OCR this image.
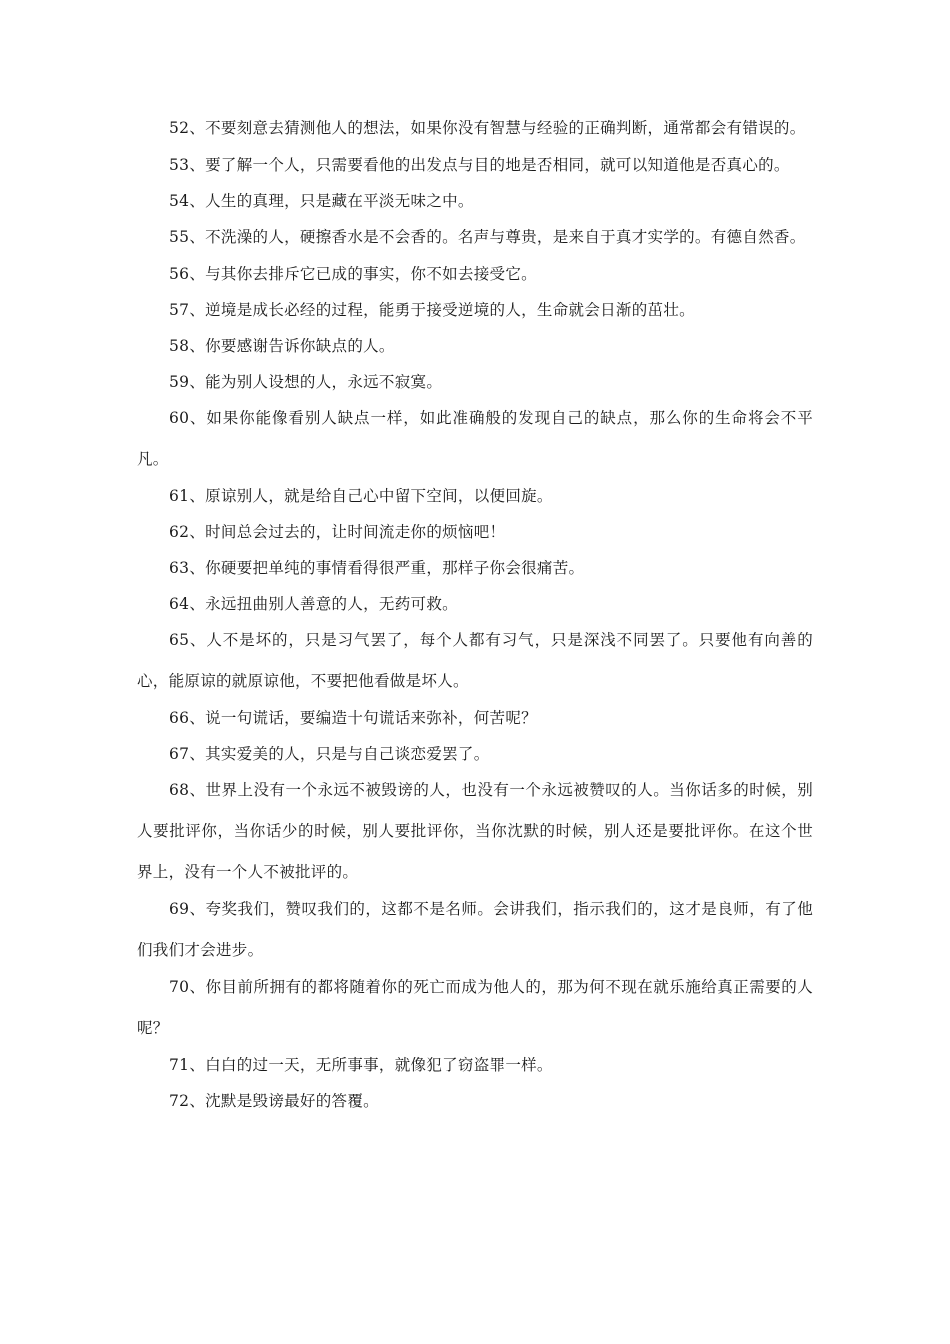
52、不要刻意去猜测他人的想法，如果你没有智慧与经验的正确判断，通常都会有错误的。

53、要了解一个人，只需要看他的出发点与目的地是否相同，就可以知道他是否真心的。

54、人生的真理，只是藏在平淡无味之中。

55、不洗澡的人，硬擦香水是不会香的。名声与尊贵，是来自于真才实学的。有德自然香。

56、与其你去排斥它已成的事实，你不如去接受它。

57、逆境是成长必经的过程，能勇于接受逆境的人，生命就会日渐的茁壮。

58、你要感谢告诉你缺点的人。

59、能为别人设想的人，永远不寂寞。

60、如果你能像看别人缺点一样，如此准确般的发现自己的缺点，那么你的生命将会不平凡。

61、原谅别人，就是给自己心中留下空间，以便回旋。

62、时间总会过去的，让时间流走你的烦恼吧！

63、你硬要把单纯的事情看得很严重，那样子你会很痛苦。

64、永远扭曲别人善意的人，无药可救。

65、人不是坏的，只是习气罢了，每个人都有习气，只是深浅不同罢了。只要他有向善的心，能原谅的就原谅他，不要把他看做是坏人。

66、说一句谎话，要编造十句谎话来弥补，何苦呢？

67、其实爱美的人，只是与自己谈恋爱罢了。

68、世界上没有一个永远不被毁谤的人，也没有一个永远被赞叹的人。当你话多的时候，别人要批评你，当你话少的时候，别人要批评你，当你沈默的时候，别人还是要批评你。在这个世界上，没有一个人不被批评的。

69、夸奖我们，赞叹我们的，这都不是名师。会讲我们，指示我们的，这才是良师，有了他们我们才会进步。

70、你目前所拥有的都将随着你的死亡而成为他人的，那为何不现在就乐施给真正需要的人呢？

71、白白的过一天，无所事事，就像犯了窃盗罪一样。

72、沈默是毁谤最好的答覆。
